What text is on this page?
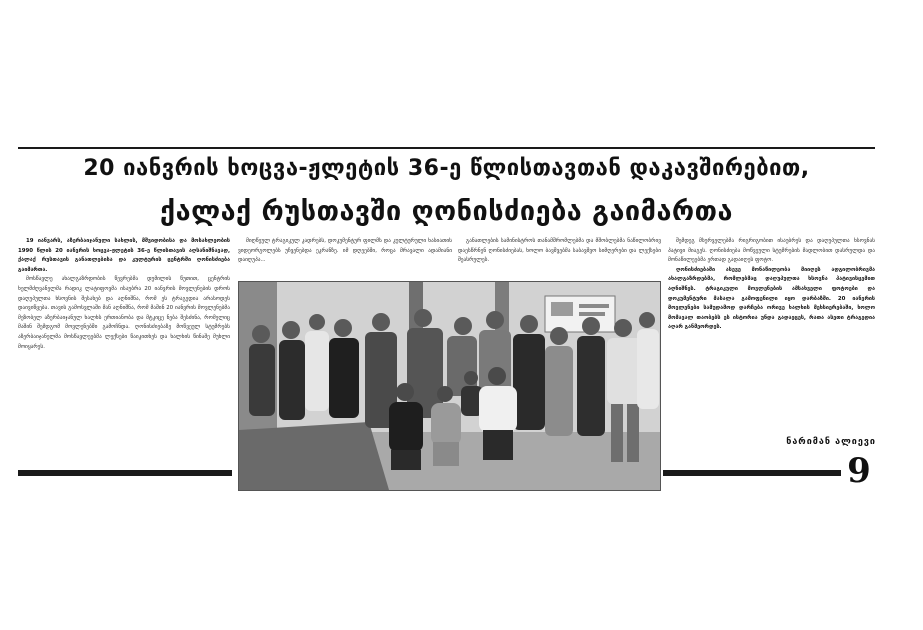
20 იანვრის ხოცვა-ჟლეტის 36-ე წლისთავთან დაკავშირებით,
ქალაქ რუსთავში ღონისძიება გაიმართა

19 იანვარს, აზერბაიჯანული სახლის, მშვიდობისა და მოსახლეობის 1990 წლის 20 იანვრის ხოცვა-ჟლეტის 36-ე წლისთავის აღსანიშნავად, ქალაქ რუსთავის განათლებისა და კულტურის ცენტრში ღონისძიება გაიმართა.

მოსწავლე ახალგაზრდობის წევრებმა დუმილის წუთით, ცენტრის ხელმძღვანელმა რადიკ ლატიფოვმა ისაუბრა 20 იანვრის მოვლენების დროს დაღუპულთა ხსოვნის შესახებ და აღნიშნა, რომ ეს ტრაგედია არასოდეს დაივიწყება. თავის გამოსვლაში მან აღნიშნა, რომ მაშინ 20 იანვრის მოვლენებმა მეზობელ აზერბაიჯანულ ხალხს ერთიანობა და მტკიცე ნება შესძინა, რომელიც მაშინ შემდგომ მოვლენებში გამოჩნდა. ღონისძიებაზე მოწვეულ სტუმრებს აზერბაიჯანელმა მოსწავლეებმა ლექსები წაიკითხეს და ხალხის წინაშე მუხლი მოიყარეს.

მიღწეულ ტრაგიკულ კადრებს, დოკუმენტურ ფილმს და კულტურული ხასიათის ვიდეორგოლებს უჩვენებდა ეკრანზე. იმ დღეებში, როცა მრავალი ადამიანი დაიღუპა...

განათლების სამინისტროს თანამშრომლებმა და მშობლებმა ნაწილობრივ დაესწრნენ ღონისძიებას, ხოლო ბავშვებმა საბავშვო სიმღერები და ლექსები შეასრულეს.

შემდეგ მსურველებმა რიგრიგობით ისაუბრეს და დაღუპულთა ხსოვნას პატივი მიაგეს. ღონისძიება მოწვეული სტუმრების მადლობით დასრულდა და მონაწილეებმა ერთად გადაიღეს ფოტო.

ღონისძიებაში ასევე მონაწილეობა მიიღეს ადგილობრივმა ახალგაზრდებმა, რომლებმაც დაღუპულთა ხსოვნა პატივისცემით აღნიშნეს. ტრაგიკული მოვლენების ამსახველი ფოტოები და დოკუმენტური მასალა გამოფენილი იყო დარბაზში. 20 იანვრის მოვლენები სამუდამოდ დარჩება ორივე ხალხის მეხსიერებაში, ხოლო მომავალ თაობებს ეს ისტორია უნდა გადაეცეს, რათა ასეთი ტრაგედია აღარ განმეორდეს.

ნარიმან ალიევი
9
